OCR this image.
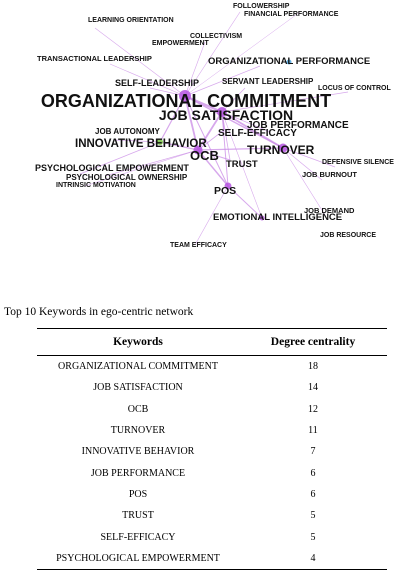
FOLLOWERSHIP
FINANCIAL PERFORMANCE
LEARNING ORIENTATION
COLLECTIVISM
EMPOWERMENT
TRANSACTIONAL LEADERSHIP	ORGANIZATIONAL PERFORMANCE
SELF-LEADERSHIP	SERVANT LEADERSHIP
LOCUS OF CONTROL
ORGANIZATIONAL COMMITMENT
JOB SATISFACTION
JOB PERFORMANCE
JOB AUTONOMY	SELF-EFFICACY
INNOVATIVE BEHAVIOR	TURNOVER
OCB
TRUST	DEFENSIVE SILENCE
PSYCHOLOGICAL EMPOWERMENT
PSYCHOLOGICAL OWNERSHIP	JOB BURNOUT
INTRINSIC MOTIVATION	POS
EMOTIONAL INTELLIGENCE
JOB DEMAND
JOB RESOURCE
TEAM EFFICACY
Top 10 Keywords in ego-centric network
Keywords	Degree centrality
ORGANIZATIONAL COMMITMENT	18
JOB SATISFACTION	14
OCB	12
TURNOVER	11
INNOVATIVE BEHAVIOR	7
JOB PERFORMANCE	6
POS	6
TRUST	5
SELF-EFFICACY	5
PSYCHOLOGICAL EMPOWERMENT	4
